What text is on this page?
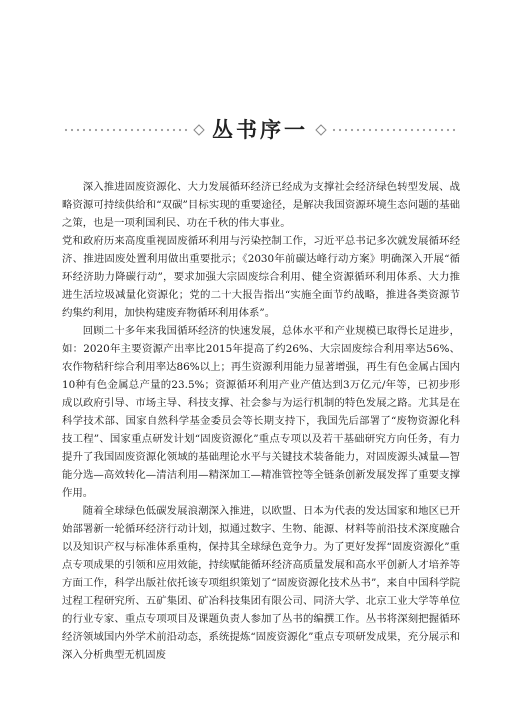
丛书序一

深入推进固废资源化、大力发展循环经济已经成为支撑社会经济绿色转型发展、战略资源可持续供给和“双碳”目标实现的重要途径，是解决我国资源环境生态问题的基础之策，也是一项利国利民、功在千秋的伟大事业。

党和政府历来高度重视固废循环利用与污染控制工作，习近平总书记多次就发展循环经济、推进固废处置利用做出重要批示；《2030年前碳达峰行动方案》明确深入开展“循环经济助力降碳行动”，要求加强大宗固废综合利用、健全资源循环利用体系、大力推进生活垃圾减量化资源化；党的二十大报告指出“实施全面节约战略，推进各类资源节约集约利用，加快构建废弃物循环利用体系”。

回顾二十多年来我国循环经济的快速发展，总体水平和产业规模已取得长足进步，如：2020年主要资源产出率比2015年提高了约26%、大宗固废综合利用率达56%、农作物秸秆综合利用率达86%以上；再生资源利用能力显著增强，再生有色金属占国内10种有色金属总产量的23.5%；资源循环利用产业产值达到3万亿元/年等，已初步形成以政府引导、市场主导、科技支撑、社会参与为运行机制的特色发展之路。尤其是在科学技术部、国家自然科学基金委员会等长期支持下，我国先后部署了“废物资源化科技工程”、国家重点研发计划“固废资源化”重点专项以及若干基础研究方向任务，有力提升了我国固废资源化领域的基础理论水平与关键技术装备能力，对固废源头减量—智能分选—高效转化—清洁利用—精深加工—精准管控等全链条创新发展发挥了重要支撑作用。

随着全球绿色低碳发展浪潮深入推进，以欧盟、日本为代表的发达国家和地区已开始部署新一轮循环经济行动计划，拟通过数字、生物、能源、材料等前沿技术深度融合以及知识产权与标准体系重构，保持其全球绿色竞争力。为了更好发挥“固废资源化”重点专项成果的引领和应用效能，持续赋能循环经济高质量发展和高水平创新人才培养等方面工作，科学出版社依托该专项组织策划了“固废资源化技术丛书”，来自中国科学院过程工程研究所、五矿集团、矿冶科技集团有限公司、同济大学、北京工业大学等单位的行业专家、重点专项项目及课题负责人参加了丛书的编撰工作。丛书将深刻把握循环经济领域国内外学术前沿动态，系统提炼“固废资源化”重点专项研发成果，充分展示和深入分析典型无机固废
